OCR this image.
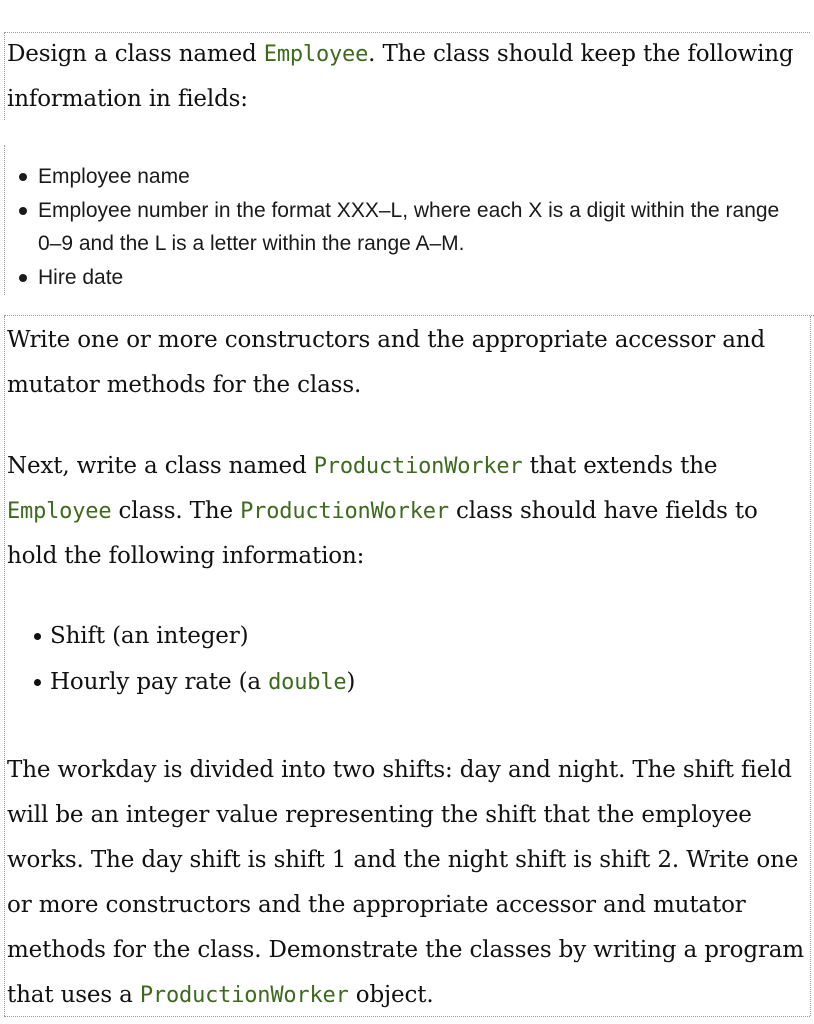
Design a class named Employee. The class should keep the following information in fields:

Employee name
Employee number in the format XXX–L, where each X is a digit within the range 0–9 and the L is a letter within the range A–M.
Hire date

Write one or more constructors and the appropriate accessor and mutator methods for the class.

Next, write a class named ProductionWorker that extends the Employee class. The ProductionWorker class should have fields to hold the following information:

Shift (an integer)
Hourly pay rate (a double)

The workday is divided into two shifts: day and night. The shift field will be an integer value representing the shift that the employee works. The day shift is shift 1 and the night shift is shift 2. Write one or more constructors and the appropriate accessor and mutator methods for the class. Demonstrate the classes by writing a program that uses a ProductionWorker object.
